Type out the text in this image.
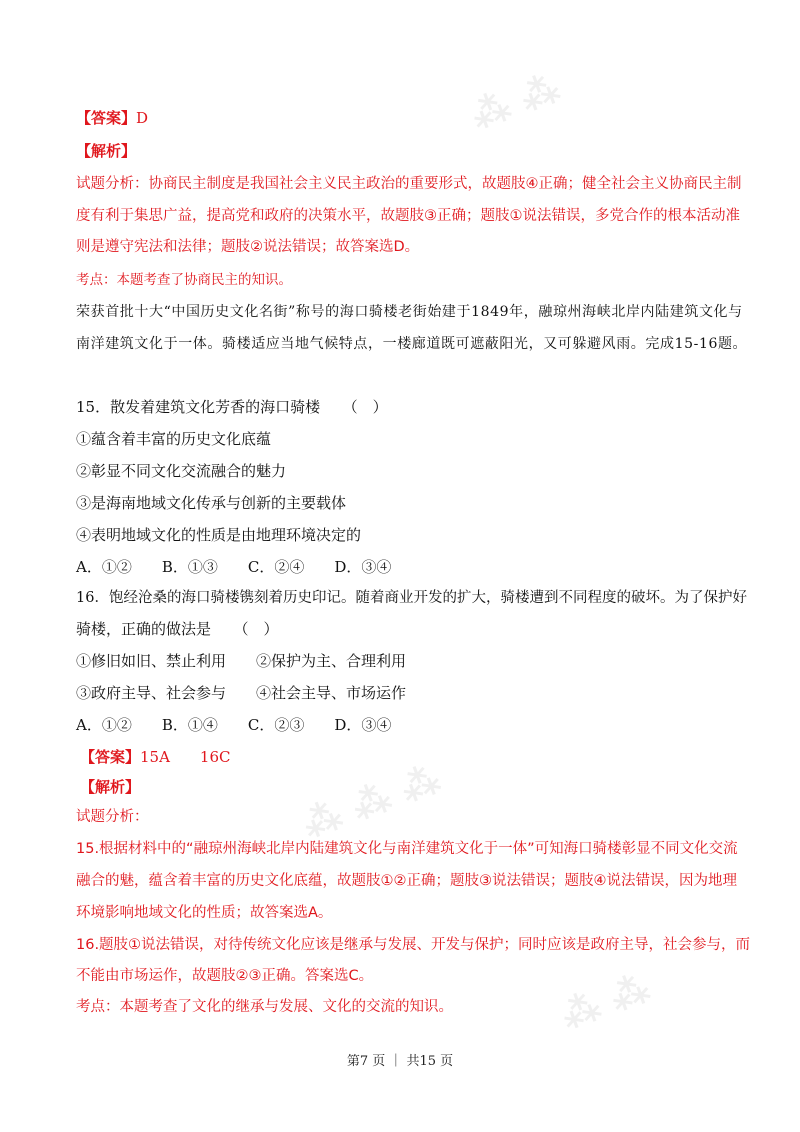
⁂ ⁂
⁂ ⁂ ⁂
⁂ ⁂
【答案】D
【解析】
试题分析：协商民主制度是我国社会主义民主政治的重要形式，故题肢④正确；健全社会主义协商民主制
度有利于集思广益，提高党和政府的决策水平，故题肢③正确；题肢①说法错误，多党合作的根本活动准
则是遵守宪法和法律；题肢②说法错误；故答案选D。
考点：本题考查了协商民主的知识。
荣获首批十大“中国历史文化名街”称号的海口骑楼老街始建于1849年，融琼州海峡北岸内陆建筑文化与
南洋建筑文化于一体。骑楼适应当地气候特点，一楼廊道既可遮蔽阳光，又可躲避风雨。完成15-16题。
15．散发着建筑文化芳香的海口骑楼　　（　）
①蕴含着丰富的历史文化底蕴
②彰显不同文化交流融合的魅力
③是海南地域文化传承与创新的主要载体
④表明地域文化的性质是由地理环境决定的
A．①②　　B．①③　　C．②④　　D．③④
16．饱经沧桑的海口骑楼镌刻着历史印记。随着商业开发的扩大，骑楼遭到不同程度的破坏。为了保护好
骑楼，正确的做法是　　（　）
①修旧如旧、禁止利用　　②保护为主、合理利用
③政府主导、社会参与　　④社会主导、市场运作
A．①②　　B．①④　　C．②③　　D．③④
【答案】15A　　16C
【解析】
试题分析：
15.根据材料中的“融琼州海峡北岸内陆建筑文化与南洋建筑文化于一体”可知海口骑楼彰显不同文化交流
融合的魅，蕴含着丰富的历史文化底蕴，故题肢①②正确；题肢③说法错误；题肢④说法错误，因为地理
环境影响地域文化的性质；故答案选A。
16.题肢①说法错误，对待传统文化应该是继承与发展、开发与保护；同时应该是政府主导，社会参与，而
不能由市场运作，故题肢②③正确。答案选C。
考点：本题考查了文化的继承与发展、文化的交流的知识。
第7 页 ｜ 共15 页
